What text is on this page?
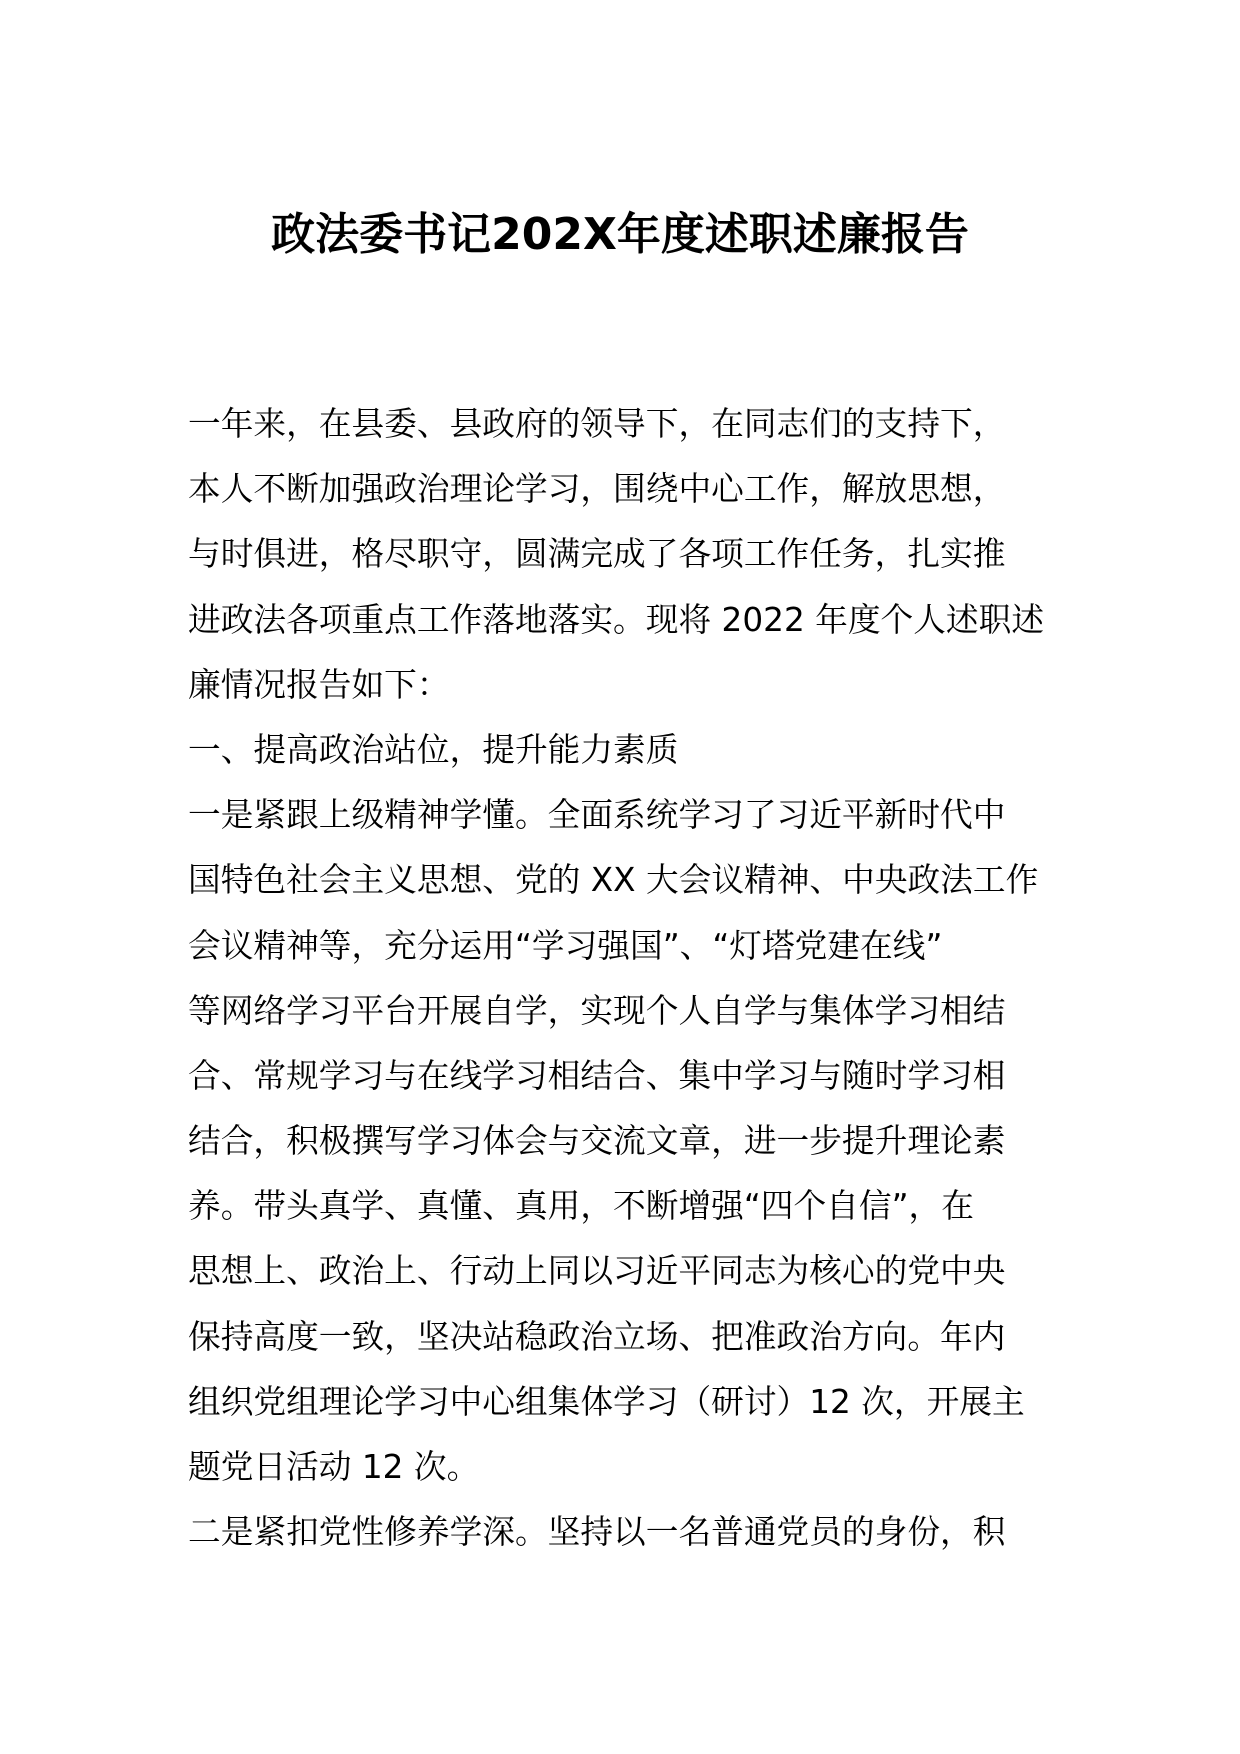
政法委书记202X年度述职述廉报告
一年来，在县委、县政府的领导下，在同志们的支持下，
本人不断加强政治理论学习，围绕中心工作，解放思想，
与时俱进，格尽职守，圆满完成了各项工作任务，扎实推
进政法各项重点工作落地落实。现将 2022 年度个人述职述
廉情况报告如下：
一、提高政治站位，提升能力素质
一是紧跟上级精神学懂。全面系统学习了习近平新时代中
国特色社会主义思想、党的 XX 大会议精神、中央政法工作
会议精神等，充分运用“学习强国”、“灯塔党建在线”
等网络学习平台开展自学，实现个人自学与集体学习相结
合、常规学习与在线学习相结合、集中学习与随时学习相
结合，积极撰写学习体会与交流文章，进一步提升理论素
养。带头真学、真懂、真用，不断增强“四个自信”，在
思想上、政治上、行动上同以习近平同志为核心的党中央
保持高度一致，坚决站稳政治立场、把准政治方向。年内
组织党组理论学习中心组集体学习（研讨）12 次，开展主
题党日活动 12 次。
二是紧扣党性修养学深。坚持以一名普通党员的身份，积
